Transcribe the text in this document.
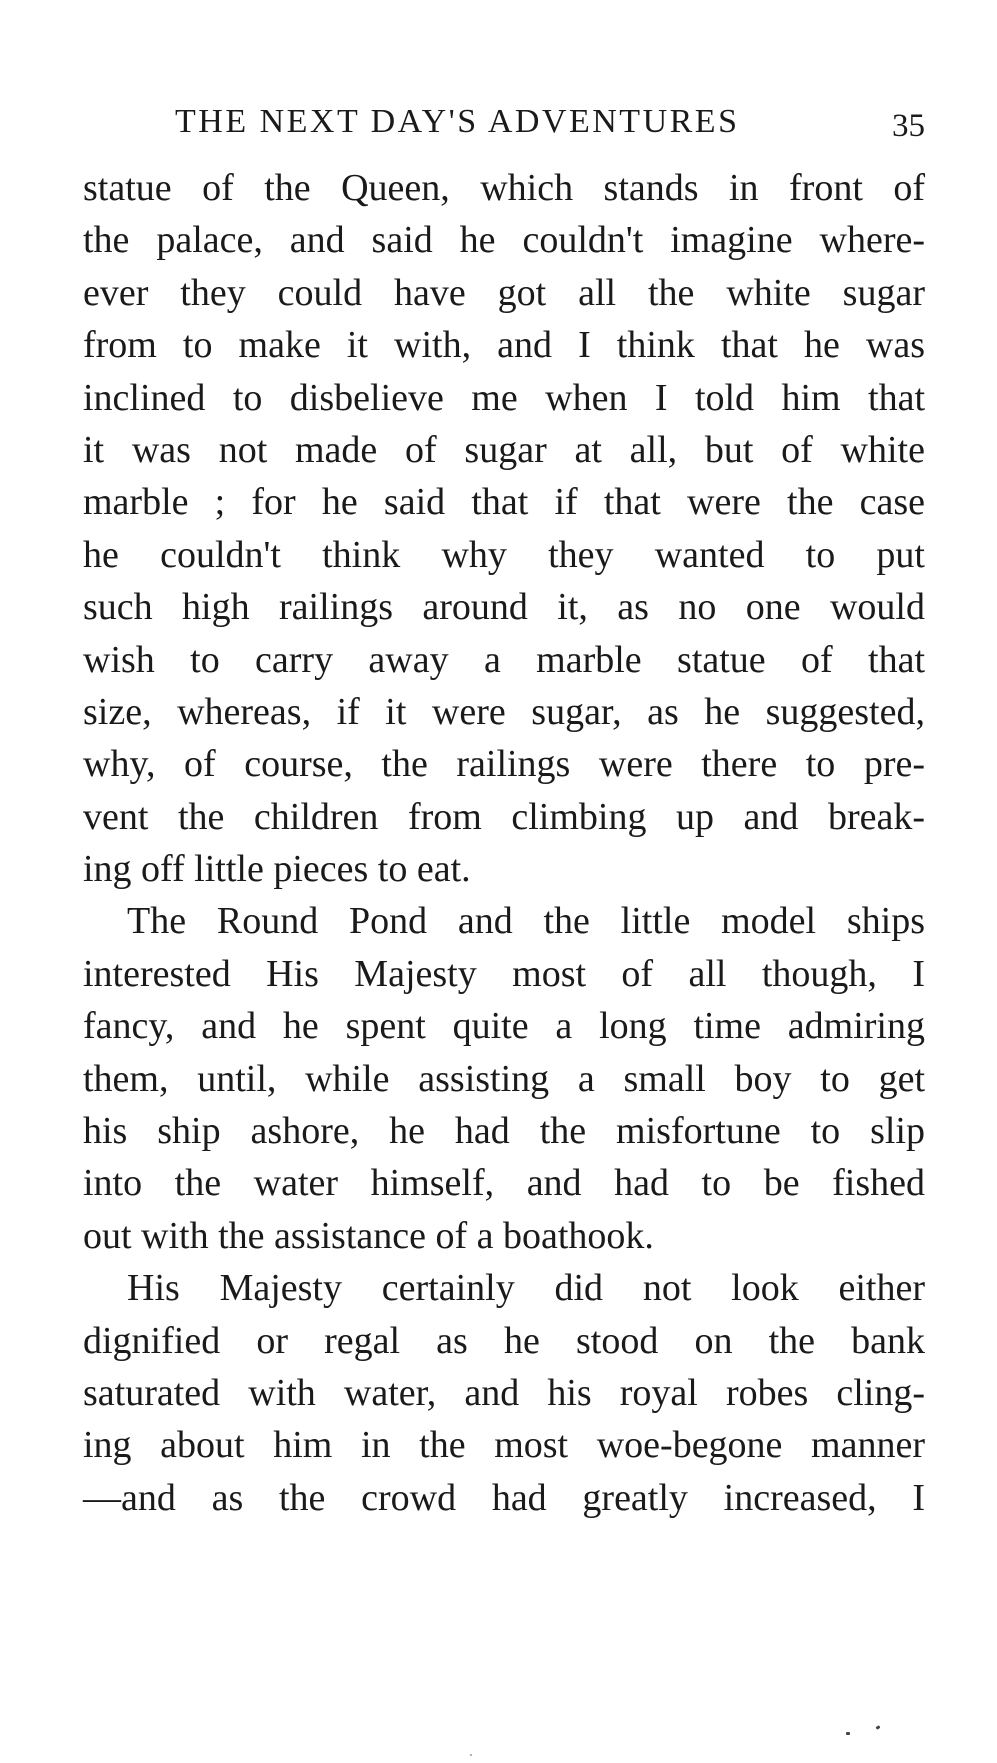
THE NEXT DAY'S ADVENTURES	35
statue of the Queen, which stands in front of
the palace, and said he couldn't imagine where-
ever they could have got all the white sugar
from to make it with, and I think that he was
inclined to disbelieve me when I told him that
it was not made of sugar at all, but of white
marble ; for he said that if that were the case
he couldn't think why they wanted to put
such high railings around it, as no one would
wish to carry away a marble statue of that
size, whereas, if it were sugar, as he suggested,
why, of course, the railings were there to pre-
vent the children from climbing up and break-
ing off little pieces to eat.
The Round Pond and the little model ships
interested His Majesty most of all though, I
fancy, and he spent quite a long time admiring
them, until, while assisting a small boy to get
his ship ashore, he had the misfortune to slip
into the water himself, and had to be fished
out with the assistance of a boathook.
His Majesty certainly did not look either
dignified or regal as he stood on the bank
saturated with water, and his royal robes cling-
ing about him in the most woe-begone manner
—and as the crowd had greatly increased, I
